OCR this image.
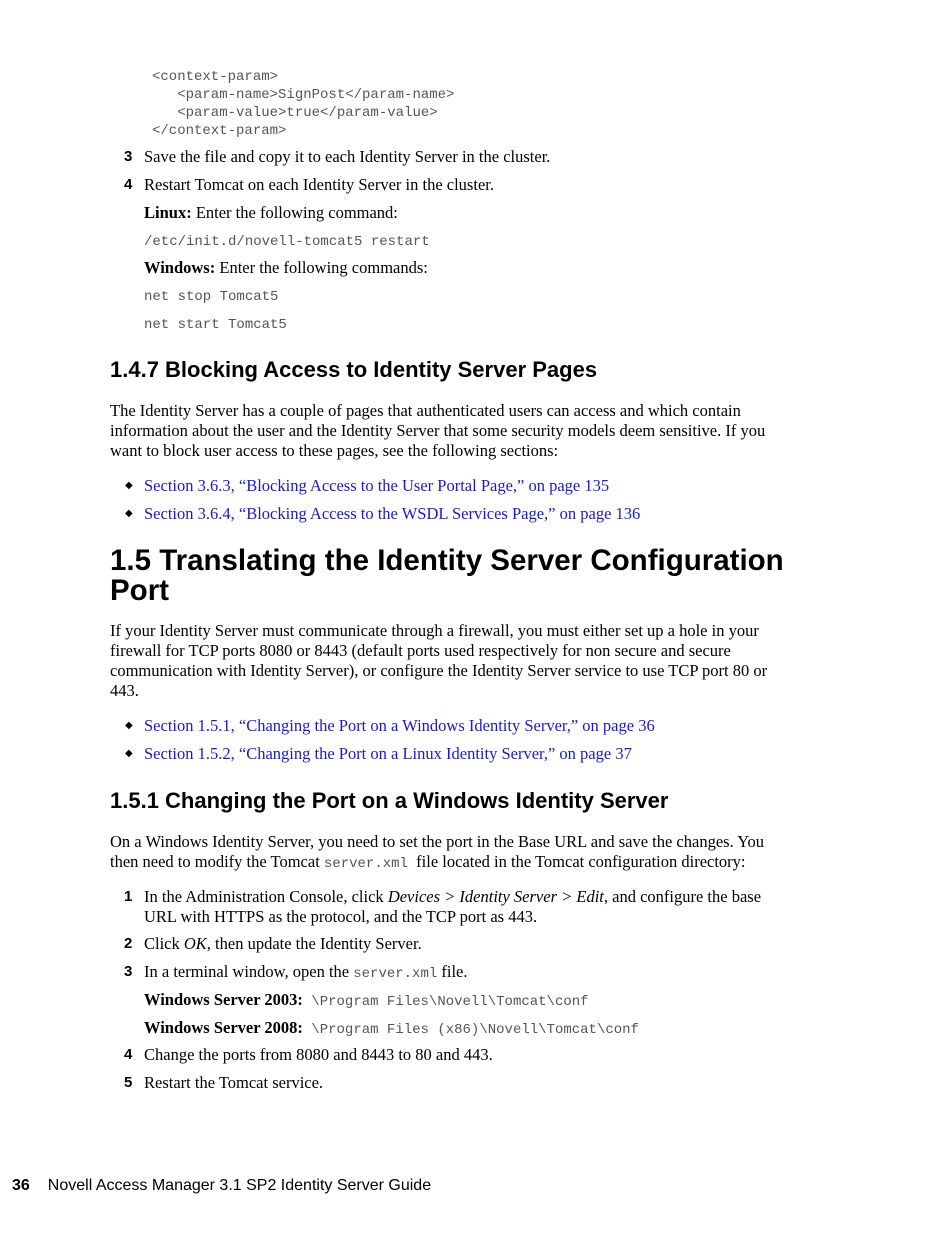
<context-param>
<param-name>SignPost</param-name>
<param-value>true</param-value>
</context-param>
3 Save the file and copy it to each Identity Server in the cluster.
4 Restart Tomcat on each Identity Server in the cluster.
Linux: Enter the following command:
/etc/init.d/novell-tomcat5 restart
Windows: Enter the following commands:
net stop Tomcat5
net start Tomcat5
1.4.7 Blocking Access to Identity Server Pages
The Identity Server has a couple of pages that authenticated users can access and which contain
information about the user and the Identity Server that some security models deem sensitive. If you
want to block user access to these pages, see the following sections:
◆ Section 3.6.3, “Blocking Access to the User Portal Page,” on page 135
◆ Section 3.6.4, “Blocking Access to the WSDL Services Page,” on page 136
1.5 Translating the Identity Server Configuration
Port
If your Identity Server must communicate through a firewall, you must either set up a hole in your
firewall for TCP ports 8080 or 8443 (default ports used respectively for non secure and secure
communication with Identity Server), or configure the Identity Server service to use TCP port 80 or
443.
◆ Section 1.5.1, “Changing the Port on a Windows Identity Server,” on page 36
◆ Section 1.5.2, “Changing the Port on a Linux Identity Server,” on page 37
1.5.1 Changing the Port on a Windows Identity Server
On a Windows Identity Server, you need to set the port in the Base URL and save the changes. You
then need to modify the Tomcat server.xml  file located in the Tomcat configuration directory:
1 In the Administration Console, click Devices > Identity Server > Edit, and configure the base
URL with HTTPS as the protocol, and the TCP port as 443.
2 Click OK, then update the Identity Server.
3 In a terminal window, open the server.xml file.
Windows Server 2003: \Program Files\Novell\Tomcat\conf
Windows Server 2008: \Program Files (x86)\Novell\Tomcat\conf
4 Change the ports from 8080 and 8443 to 80 and 443.
5 Restart the Tomcat service.
36 Novell Access Manager 3.1 SP2 Identity Server Guide
